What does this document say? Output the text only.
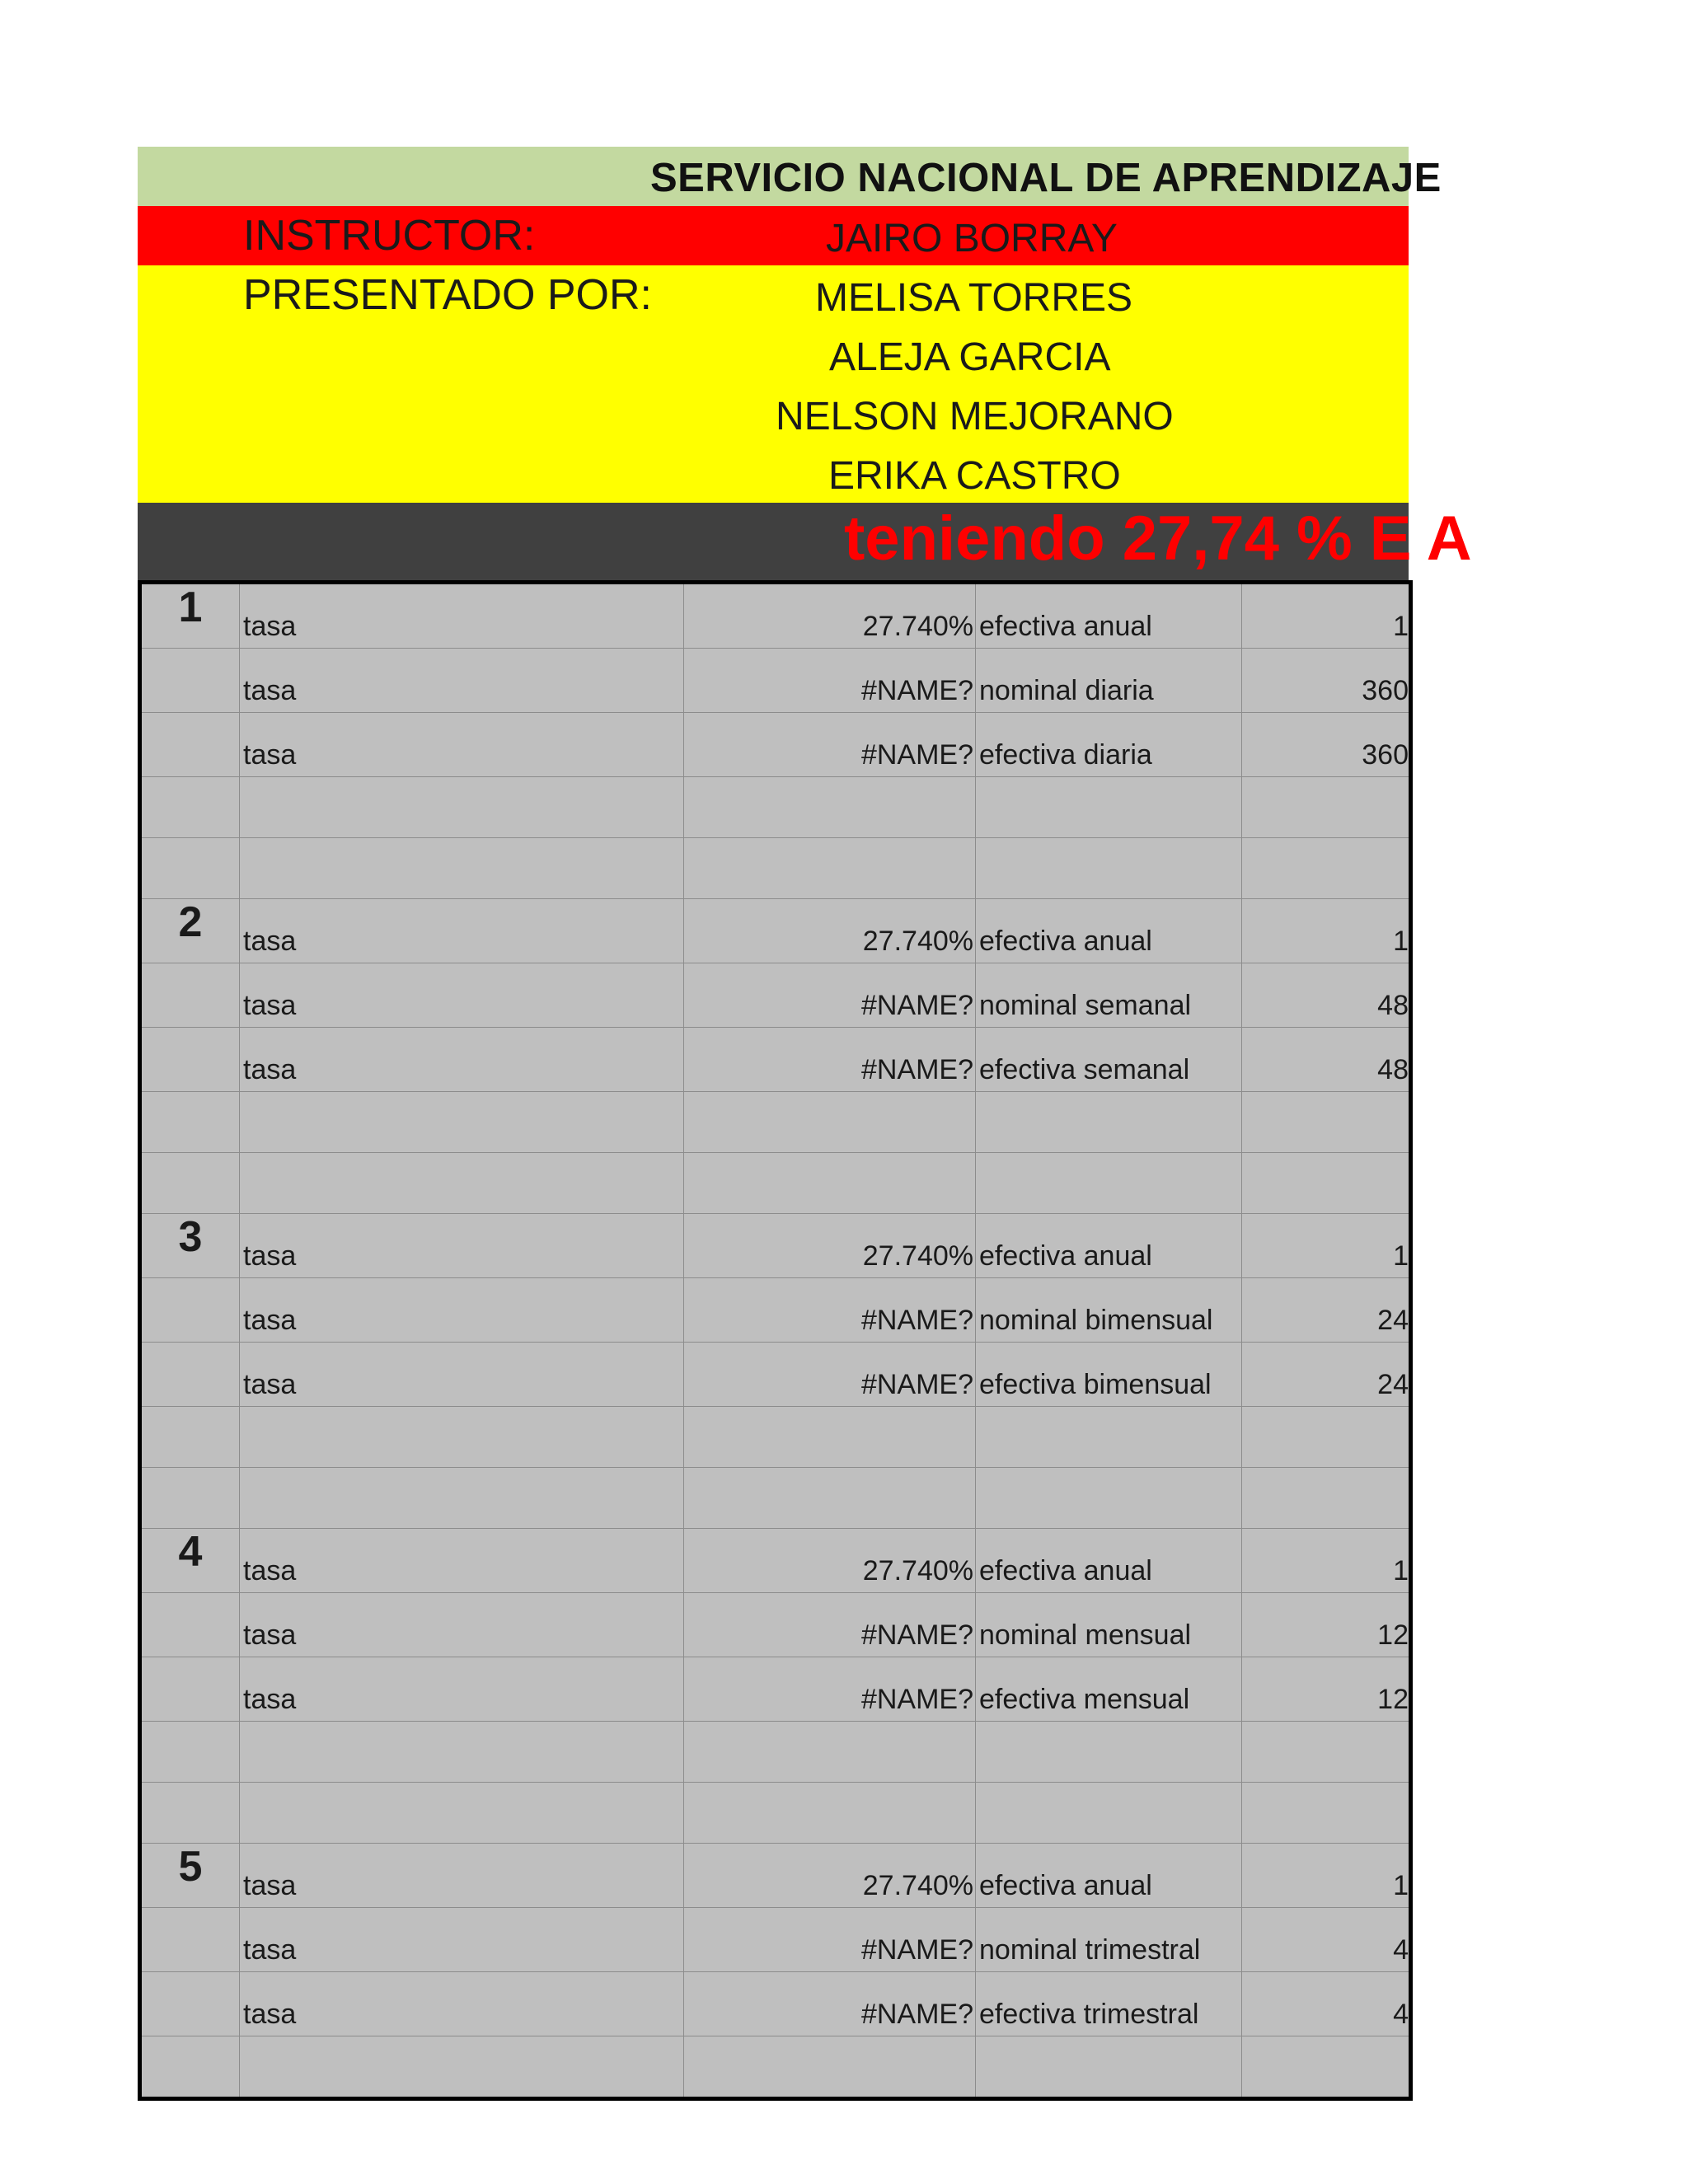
SERVICIO NACIONAL DE APRENDIZAJE
INSTRUCTOR:	JAIRO BORRAY
PRESENTADO POR:	MELISA TORRES
ALEJA GARCIA
NELSON MEJORANO
ERIKA CASTRO
teniendo 27,74 % E A
1	tasa	27.740%	efectiva anual	1
	tasa	#NAME?	nominal diaria	360
	tasa	#NAME?	efectiva diaria	360

2	tasa	27.740%	efectiva anual	1
	tasa	#NAME?	nominal semanal	48
	tasa	#NAME?	efectiva semanal	48

3	tasa	27.740%	efectiva anual	1
	tasa	#NAME?	nominal bimensual	24
	tasa	#NAME?	efectiva bimensual	24

4	tasa	27.740%	efectiva anual	1
	tasa	#NAME?	nominal mensual	12
	tasa	#NAME?	efectiva mensual	12

5	tasa	27.740%	efectiva anual	1
	tasa	#NAME?	nominal trimestral	4
	tasa	#NAME?	efectiva trimestral	4
